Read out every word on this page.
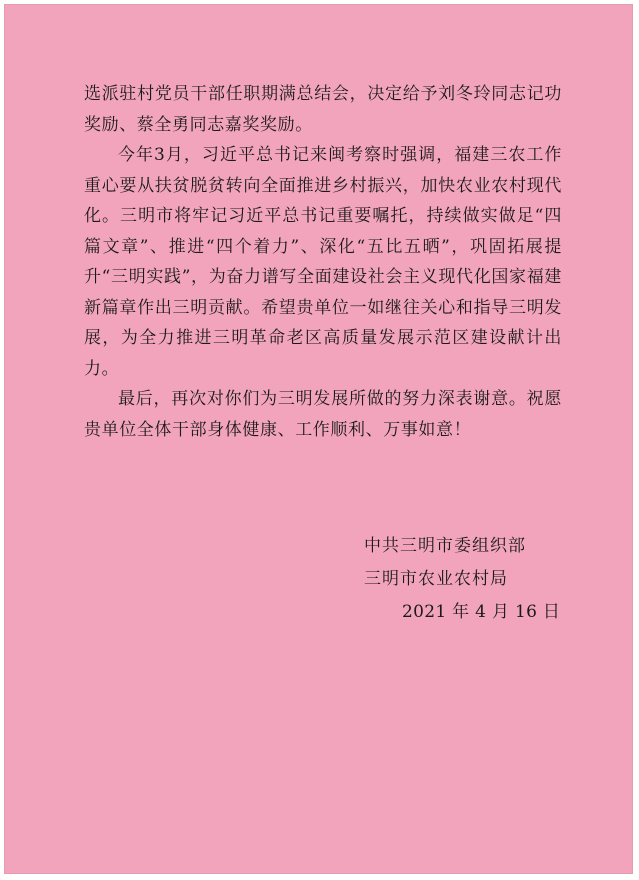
选派驻村党员干部任职期满总结会，决定给予刘冬玲同志记功奖励、蔡全勇同志嘉奖奖励。

今年3月，习近平总书记来闽考察时强调，福建三农工作重心要从扶贫脱贫转向全面推进乡村振兴，加快农业农村现代化。三明市将牢记习近平总书记重要嘱托，持续做实做足“四篇文章”、推进“四个着力”、深化“五比五晒”，巩固拓展提升“三明实践”，为奋力谱写全面建设社会主义现代化国家福建新篇章作出三明贡献。希望贵单位一如继往关心和指导三明发展，为全力推进三明革命老区高质量发展示范区建设献计出力。

最后，再次对你们为三明发展所做的努力深表谢意。祝愿贵单位全体干部身体健康、工作顺利、万事如意！

中共三明市委组织部
三明市农业农村局
2021 年 4 月 16 日
